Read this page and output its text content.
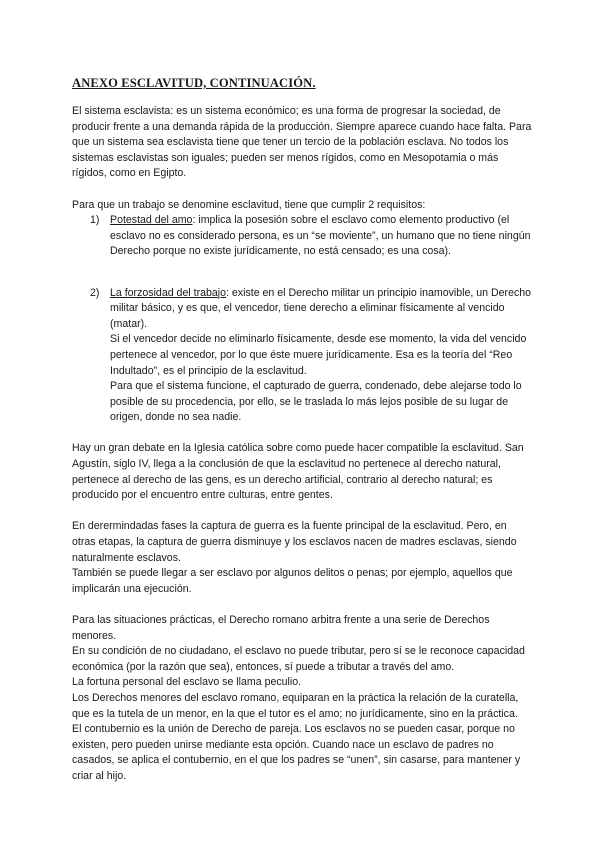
ANEXO ESCLAVITUD, CONTINUACIÓN.

El sistema esclavista: es un sistema económico; es una forma de progresar la sociedad, de producir frente a una demanda rápida de la producción. Siempre aparece cuando hace falta. Para que un sistema sea esclavista tiene que tener un tercio de la población esclava. No todos los sistemas esclavistas son iguales; pueden ser menos rígidos, como en Mesopotamia o más rígidos, como en Egipto.

Para que un trabajo se denomine esclavitud, tiene que cumplir 2 requisitos:

1) Potestad del amo: implica la posesión sobre el esclavo como elemento productivo (el esclavo no es considerado persona, es un “se moviente”, un humano que no tiene ningún Derecho porque no existe jurídicamente, no está censado; es una cosa).

2) La forzosidad del trabajo: existe en el Derecho militar un principio inamovible, un Derecho militar básico, y es que, el vencedor, tiene derecho a eliminar físicamente al vencido (matar).

Si el vencedor decide no eliminarlo físicamente, desde ese momento, la vida del vencido pertenece al vencedor, por lo que éste muere jurídicamente. Esa es la teoría del “Reo Indultado”, es el principio de la esclavitud.

Para que el sistema funcione, el capturado de guerra, condenado, debe alejarse todo lo posible de su procedencia, por ello, se le traslada lo más lejos posible de su lugar de origen, donde no sea nadie.

Hay un gran debate en la Iglesia católica sobre como puede hacer compatible la esclavitud. San Agustín, siglo IV, llega a la conclusión de que la esclavitud no pertenece al derecho natural, pertenece al derecho de las gens, es un derecho artificial, contrario al derecho natural; es producido por el encuentro entre culturas, entre gentes.

En derermindadas fases la captura de guerra es la fuente principal de la esclavitud. Pero, en otras etapas, la captura de guerra disminuye y los esclavos nacen de madres esclavas, siendo naturalmente esclavos.

También se puede llegar a ser esclavo por algunos delitos o penas; por ejemplo, aquellos que implicarán una ejecución.

Para las situaciones prácticas, el Derecho romano arbitra frente a una serie de Derechos menores.

En su condición de no ciudadano, el esclavo no puede tributar, pero sí se le reconoce capacidad económica (por la razón que sea), entonces, sí puede a tributar a través del amo.

La fortuna personal del esclavo se llama peculio.

Los Derechos menores del esclavo romano, equiparan en la práctica la relación de la curatella, que es la tutela de un menor, en la que el tutor es el amo; no jurídicamente, sino en la práctica.

El contubernio es la unión de Derecho de pareja. Los esclavos no se pueden casar, porque no existen, pero pueden unirse mediante esta opción. Cuando nace un esclavo de padres no casados, se aplica el contubernio, en el que los padres se “unen”, sin casarse, para mantener y criar al hijo.
